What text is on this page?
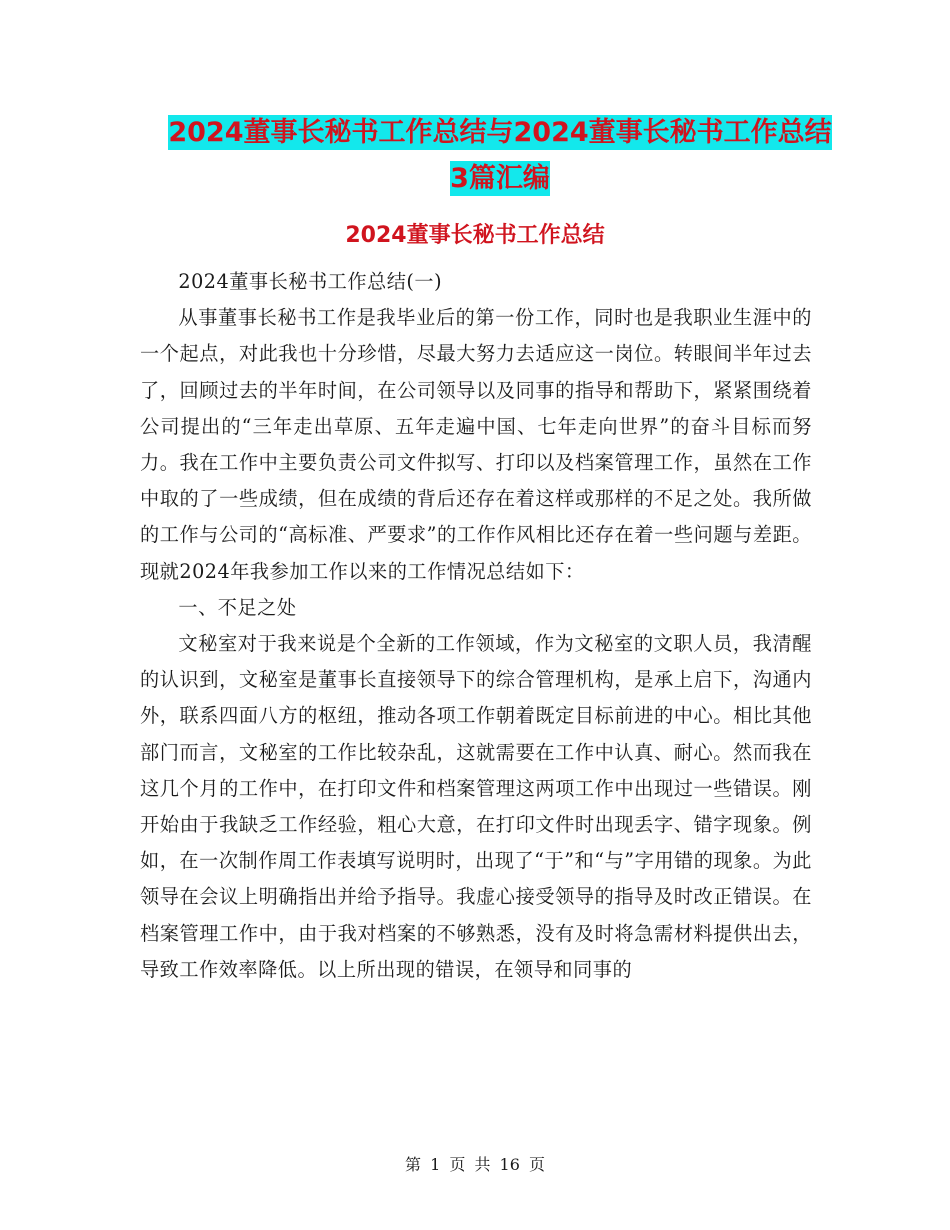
2024董事长秘书工作总结与2024董事长秘书工作总结
3篇汇编
2024董事长秘书工作总结

2024董事长秘书工作总结(一)

从事董事长秘书工作是我毕业后的第一份工作，同时也是我职业生涯中的一个起点，对此我也十分珍惜，尽最大努力去适应这一岗位。转眼间半年过去了，回顾过去的半年时间，在公司领导以及同事的指导和帮助下，紧紧围绕着公司提出的“三年走出草原、五年走遍中国、七年走向世界”的奋斗目标而努力。我在工作中主要负责公司文件拟写、打印以及档案管理工作，虽然在工作中取的了一些成绩，但在成绩的背后还存在着这样或那样的不足之处。我所做的工作与公司的“高标准、严要求”的工作作风相比还存在着一些问题与差距。现就2024年我参加工作以来的工作情况总结如下：

一、不足之处

文秘室对于我来说是个全新的工作领域，作为文秘室的文职人员，我清醒的认识到，文秘室是董事长直接领导下的综合管理机构，是承上启下，沟通内外，联系四面八方的枢纽，推动各项工作朝着既定目标前进的中心。相比其他部门而言，文秘室的工作比较杂乱，这就需要在工作中认真、耐心。然而我在这几个月的工作中，在打印文件和档案管理这两项工作中出现过一些错误。刚开始由于我缺乏工作经验，粗心大意，在打印文件时出现丢字、错字现象。例如，在一次制作周工作表填写说明时，出现了“于”和“与”字用错的现象。为此领导在会议上明确指出并给予指导。我虚心接受领导的指导及时改正错误。在档案管理工作中，由于我对档案的不够熟悉，没有及时将急需材料提供出去，导致工作效率降低。以上所出现的错误，在领导和同事的

第 1 页 共 16 页
